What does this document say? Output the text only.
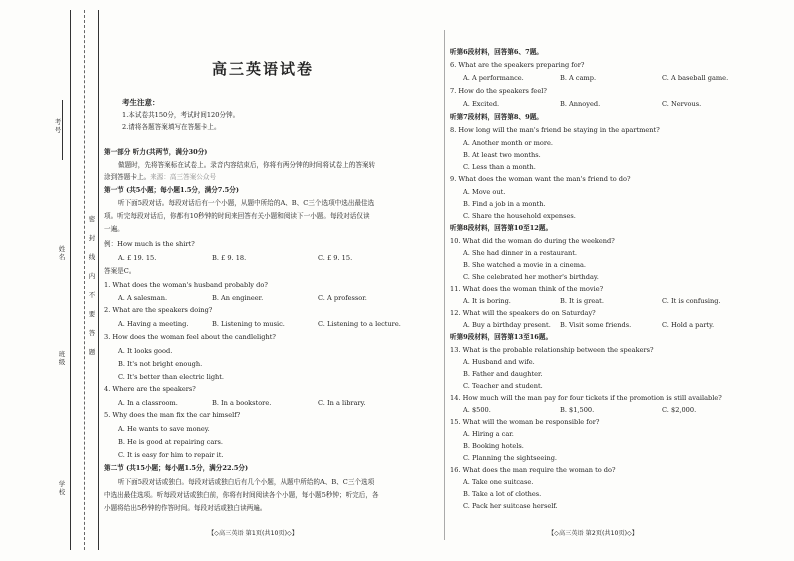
考号
姓名
班级
学校
密 封 线 内 不 要 答 题
高三英语试卷
考生注意：
1.本试卷共150分，考试时间120分钟。
2.请将各题答案填写在答题卡上。
第一部分 听力(共两节，满分30分)
做题时，先将答案标在试卷上。录音内容结束后，你将有两分钟的时间将试卷上的答案转
涂到答题卡上。来源：高三答案公众号
第一节 (共5小题；每小题1.5分，满分7.5分)
听下面5段对话。每段对话后有一个小题，从题中所给的A、B、C三个选项中选出最佳选
项。听完每段对话后，你都有10秒钟的时间来回答有关小题和阅读下一小题。每段对话仅读
一遍。
例：How much is the shirt?
A. £ 19. 15.	B. £ 9. 18.	C. £ 9. 15.
答案是C。
1. What does the woman's husband probably do?
A. A salesman.	B. An engineer.	C. A professor.
2. What are the speakers doing?
A. Having a meeting.	B. Listening to music.	C. Listening to a lecture.
3. How does the woman feel about the candlelight?
A. It looks good.
B. It's not bright enough.
C. It's better than electric light.
4. Where are the speakers?
A. In a classroom.	B. In a bookstore.	C. In a library.
5. Why does the man fix the car himself?
A. He wants to save money.
B. He is good at repairing cars.
C. It is easy for him to repair it.
第二节 (共15小题；每小题1.5分，满分22.5分)
听下面5段对话或独白。每段对话或独白后有几个小题，从题中所给的A、B、C三个选项
中选出最佳选项。听每段对话或独白前，你将有时间阅读各个小题，每小题5秒钟；听完后，各
小题将给出5秒钟的作答时间。每段对话或独白读两遍。
【◇高三英语 第1页(共10页)◇】
听第6段材料，回答第6、7题。
6. What are the speakers preparing for?
A. A performance.	B. A camp.	C. A baseball game.
7. How do the speakers feel?
A. Excited.	B. Annoyed.	C. Nervous.
听第7段材料，回答第8、9题。
8. How long will the man's friend be staying in the apartment?
A. Another month or more.
B. At least two months.
C. Less than a month.
9. What does the woman want the man's friend to do?
A. Move out.
B. Find a job in a month.
C. Share the household expenses.
听第8段材料，回答第10至12题。
10. What did the woman do during the weekend?
A. She had dinner in a restaurant.
B. She watched a movie in a cinema.
C. She celebrated her mother's birthday.
11. What does the woman think of the movie?
A. It is boring.	B. It is great.	C. It is confusing.
12. What will the speakers do on Saturday?
A. Buy a birthday present. B. Visit some friends.	C. Hold a party.
听第9段材料，回答第13至16题。
13. What is the probable relationship between the speakers?
A. Husband and wife.
B. Father and daughter.
C. Teacher and student.
14. How much will the man pay for four tickets if the promotion is still available?
A. $500.	B. $1,500.	C. $2,000.
15. What will the woman be responsible for?
A. Hiring a car.
B. Booking hotels.
C. Planning the sightseeing.
16. What does the man require the woman to do?
A. Take one suitcase.
B. Take a lot of clothes.
C. Pack her suitcase herself.
【◇高三英语 第2页(共10页)◇】
